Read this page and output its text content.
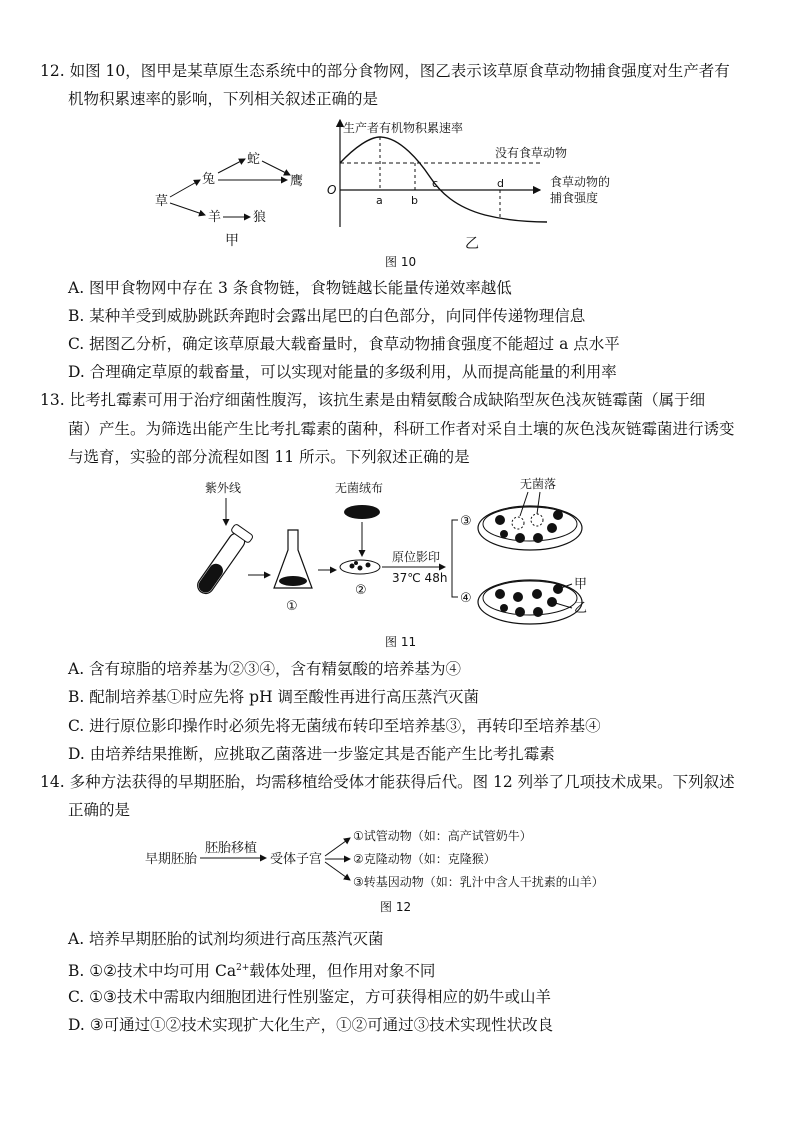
12. 如图 10，图甲是某草原生态系统中的部分食物网，图乙表示该草原食草动物捕食强度对生产者有
机物积累速率的影响，下列相关叙述正确的是
草
兔
蛇
鹰
羊 狼
甲
生产者有机物积累速率
O
食草动物的
捕食强度
没有食草动物
a	b
c	d
乙
图 10
A. 图甲食物网中存在 3 条食物链，食物链越长能量传递效率越低
B. 某种羊受到威胁跳跃奔跑时会露出尾巴的白色部分，向同伴传递物理信息
C. 据图乙分析，确定该草原最大载畜量时，食草动物捕食强度不能超过 a 点水平
D. 合理确定草原的载畜量，可以实现对能量的多级利用，从而提高能量的利用率
13. 比考扎霉素可用于治疗细菌性腹泻，该抗生素是由精氨酸合成缺陷型灰色浅灰链霉菌（属于细
菌）产生。为筛选出能产生比考扎霉素的菌种，科研工作者对采自土壤的灰色浅灰链霉菌进行诱变
与选育，实验的部分流程如图 11 所示。下列叙述正确的是
紫外线
①
无菌绒布
②
原位影印
37℃ 48h
③
④
无菌落
甲
乙
图 11
A. 含有琼脂的培养基为②③④，含有精氨酸的培养基为④
B. 配制培养基①时应先将 pH 调至酸性再进行高压蒸汽灭菌
C. 进行原位影印操作时必须先将无菌绒布转印至培养基③，再转印至培养基④
D. 由培养结果推断，应挑取乙菌落进一步鉴定其是否能产生比考扎霉素
14. 多种方法获得的早期胚胎，均需移植给受体才能获得后代。图 12 列举了几项技术成果。下列叙述
正确的是
早期胚胎
胚胎移植
受体子宫
①试管动物（如：高产试管奶牛）
②克隆动物（如：克隆猴）
③转基因动物（如：乳汁中含人干扰素的山羊）
图 12
A. 培养早期胚胎的试剂均须进行高压蒸汽灭菌
B. ①②技术中均可用 $Ca^{2+}$载体处理，但作用对象不同
C. ①③技术中需取内细胞团进行性别鉴定，方可获得相应的奶牛或山羊
D. ③可通过①②技术实现扩大化生产，①②可通过③技术实现性状改良
